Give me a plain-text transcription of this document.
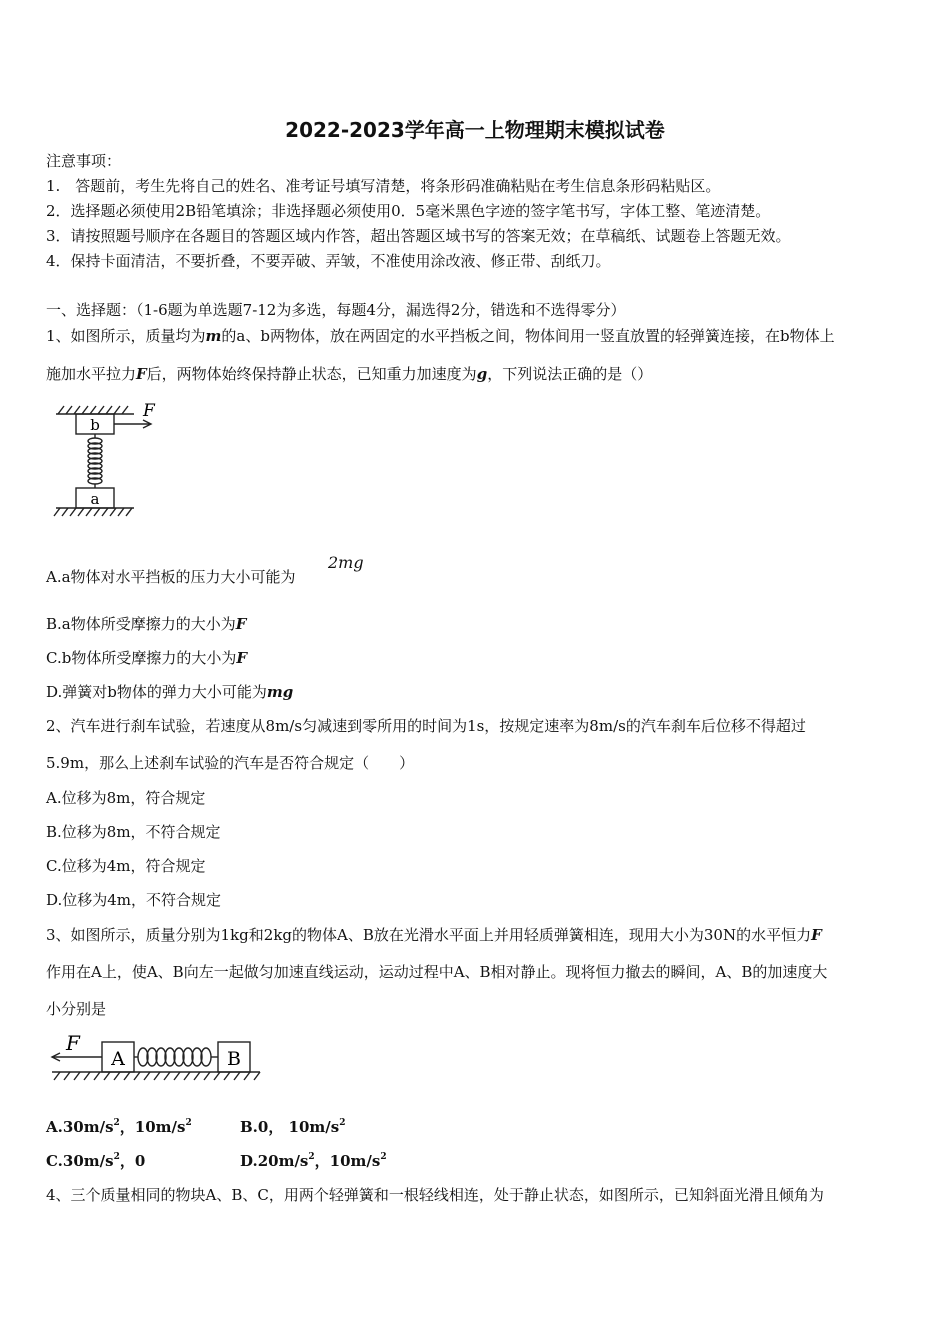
2022-2023学年高一上物理期末模拟试卷
注意事项：
1.　答题前，考生先将自己的姓名、准考证号填写清楚，将条形码准确粘贴在考生信息条形码粘贴区。
2．选择题必须使用2B铅笔填涂；非选择题必须使用0．5毫米黑色字迹的签字笔书写，字体工整、笔迹清楚。
3．请按照题号顺序在各题目的答题区域内作答，超出答题区域书写的答案无效；在草稿纸、试题卷上答题无效。
4．保持卡面清洁，不要折叠，不要弄破、弄皱，不准使用涂改液、修正带、刮纸刀。
一、选择题：（1-6题为单选题7-12为多选，每题4分，漏选得2分，错选和不选得零分）
1、如图所示，质量均为m的a、b两物体，放在两固定的水平挡板之间，物体间用一竖直放置的轻弹簧连接，在b物体上
施加水平拉力F后，两物体始终保持静止状态，已知重力加速度为g，下列说法正确的是（）
b
a
F
A.a物体对水平挡板的压力大小可能为
2mg
B.a物体所受摩擦力的大小为F
C.b物体所受摩擦力的大小为F
D.弹簧对b物体的弹力大小可能为mg
2、汽车进行刹车试验，若速度从8m/s匀减速到零所用的时间为1s，按规定速率为8m/s的汽车刹车后位移不得超过
5.9m，那么上述刹车试验的汽车是否符合规定（　　）
A.位移为8m，符合规定
B.位移为8m，不符合规定
C.位移为4m，符合规定
D.位移为4m，不符合规定
3、如图所示，质量分别为1kg和2kg的物体A、B放在光滑水平面上并用轻质弹簧相连，现用大小为30N的水平恒力F
作用在A上，使A、B向左一起做匀加速直线运动，运动过程中A、B相对静止。现将恒力撤去的瞬间，A、B的加速度大
小分别是
F
A	B
$A.30m/s^2$，$10m/s^2$	B.0， $10m/s^2$
$C.30m/s^2$，0	$D.20m/s^2$，$10m/s^2$
4、三个质量相同的物块A、B、C，用两个轻弹簧和一根轻线相连，处于静止状态，如图所示，已知斜面光滑且倾角为
